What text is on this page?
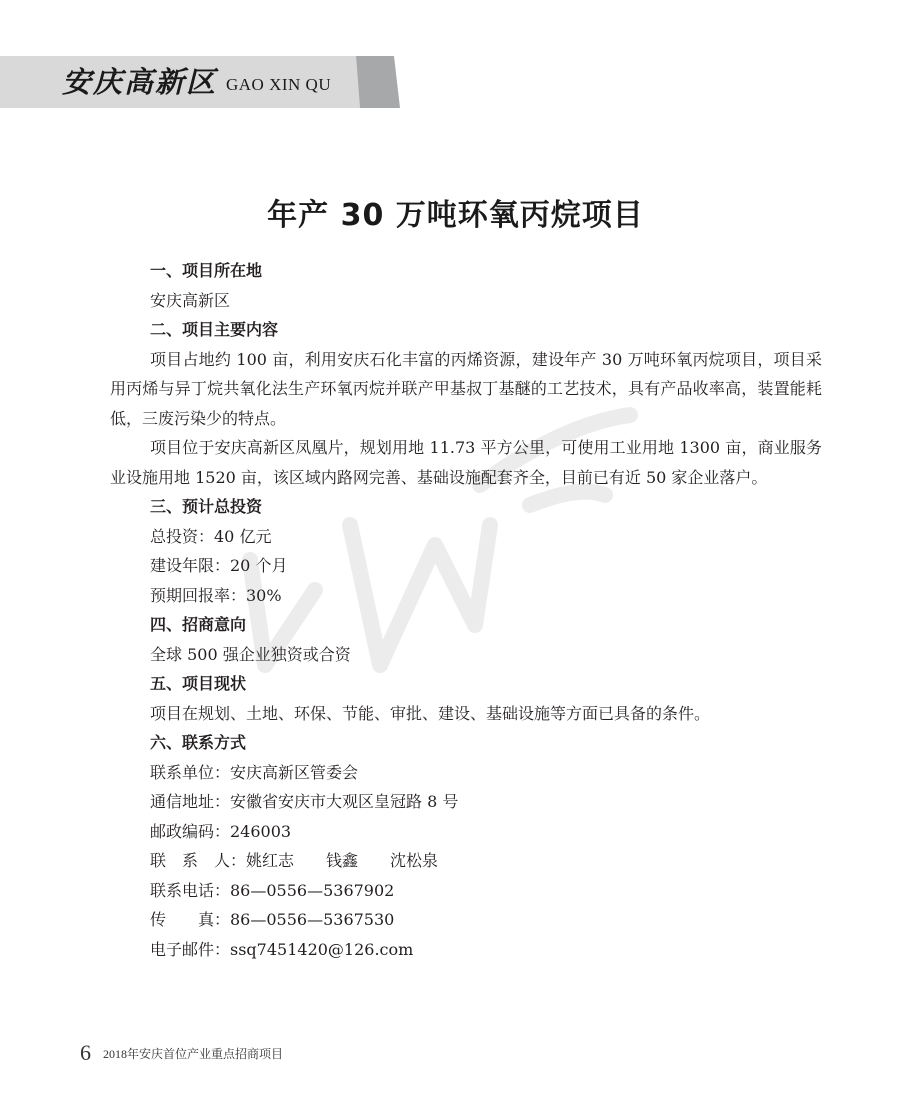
安庆高新区 GAO XIN QU
年产 30 万吨环氧丙烷项目

一、项目所在地

安庆高新区

二、项目主要内容

项目占地约 100 亩，利用安庆石化丰富的丙烯资源，建设年产 30 万吨环氧丙烷项目，项目采用丙烯与异丁烷共氧化法生产环氧丙烷并联产甲基叔丁基醚的工艺技术，具有产品收率高，装置能耗低，三废污染少的特点。

项目位于安庆高新区凤凰片，规划用地 11.73 平方公里，可使用工业用地 1300 亩，商业服务业设施用地 1520 亩，该区域内路网完善、基础设施配套齐全，目前已有近 50 家企业落户。

三、预计总投资

总投资：40 亿元

建设年限：20 个月

预期回报率：30%

四、招商意向

全球 500 强企业独资或合资

五、项目现状

项目在规划、土地、环保、节能、审批、建设、基础设施等方面已具备的条件。

六、联系方式

联系单位：安庆高新区管委会

通信地址：安徽省安庆市大观区皇冠路 8 号

邮政编码：246003

联　系　人：姚红志　　钱鑫　　沈松泉

联系电话：86—0556—5367902

传　　真：86—0556—5367530

电子邮件：ssq7451420@126.com

6 2018年安庆首位产业重点招商项目
